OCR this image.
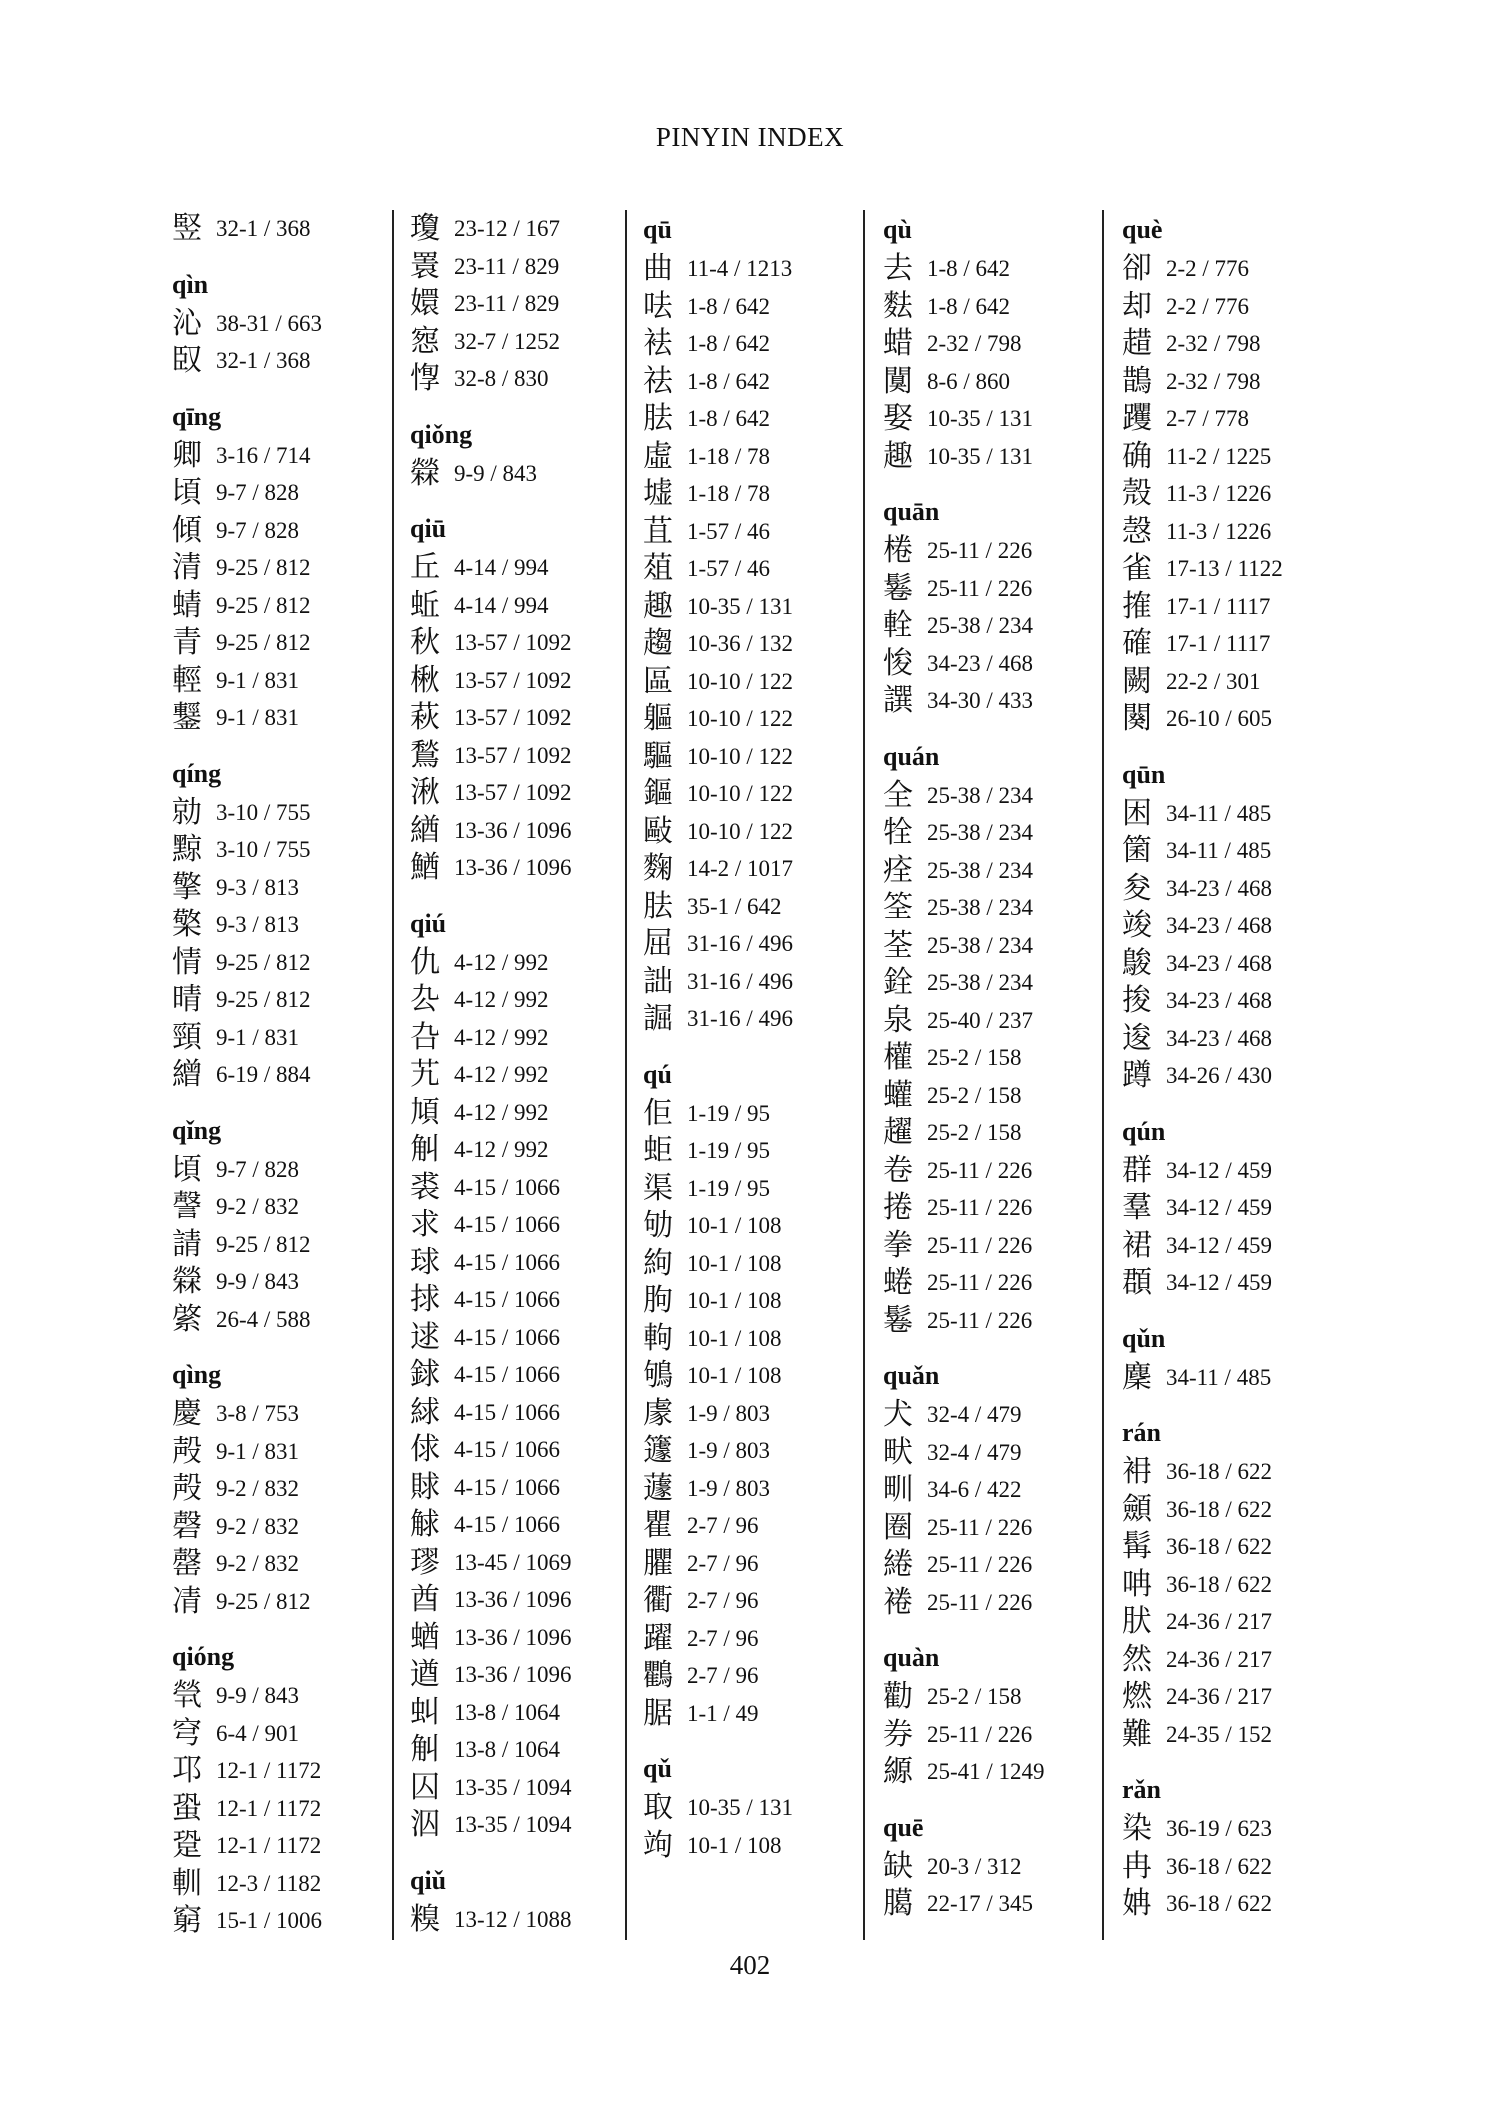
PINYIN INDEX
竪 32-1 / 368
qìn
沁 38-31 / 663
臤 32-1 / 368
qīng
卿 3-16 / 714
頃 9-7 / 828
傾 9-7 / 828
清 9-25 / 812
蜻 9-25 / 812
青 9-25 / 812
輕 9-1 / 831
鑋 9-1 / 831
qíng
勍 3-10 / 755
黥 3-10 / 755
擎 9-3 / 813
檠 9-3 / 813
情 9-25 / 812
晴 9-25 / 812
頸 9-1 / 831
繒 6-19 / 884
qǐng
頃 9-7 / 828
謦 9-2 / 832
請 9-25 / 812
檾 9-9 / 843
綮 26-4 / 588
qìng
慶 3-8 / 753
殸 9-1 / 831
殸 9-2 / 832
磬 9-2 / 832
罄 9-2 / 832
凊 9-25 / 812
qióng
煢 9-9 / 843
穹 6-4 / 901
邛 12-1 / 1172
蛩 12-1 / 1172
跫 12-1 / 1172
䡅 12-3 / 1182
窮 15-1 / 1006
瓊 23-12 / 167
瞏 23-11 / 829
嬛 23-11 / 829
惌 32-7 / 1252
惸 32-8 / 830
qiǒng
檾 9-9 / 843
qiū
丘 4-14 / 994
蚯 4-14 / 994
秋 13-57 / 1092
楸 13-57 / 1092
萩 13-57 / 1092
鶖 13-57 / 1092
湫 13-57 / 1092
緧 13-36 / 1096
鰌 13-36 / 1096
qiú
仇 4-12 / 992
厹 4-12 / 992
叴 4-12 / 992
艽 4-12 / 992
頄 4-12 / 992
觓 4-12 / 992
裘 4-15 / 1066
求 4-15 / 1066
球 4-15 / 1066
捄 4-15 / 1066
逑 4-15 / 1066
銶 4-15 / 1066
絿 4-15 / 1066
俅 4-15 / 1066
賕 4-15 / 1066
觩 4-15 / 1066
璆 13-45 / 1069
酋 13-36 / 1096
蝤 13-36 / 1096
遒 13-36 / 1096
虯 13-8 / 1064
觓 13-8 / 1064
囚 13-35 / 1094
泅 13-35 / 1094
qiǔ
糗 13-12 / 1088
qū
曲 11-4 / 1213
呿 1-8 / 642
袪 1-8 / 642
祛 1-8 / 642
胠 1-8 / 642
虛 1-18 / 78
墟 1-18 / 78
苴 1-57 / 46
葅 1-57 / 46
趣 10-35 / 131
趨 10-36 / 132
區 10-10 / 122
軀 10-10 / 122
驅 10-10 / 122
鏂 10-10 / 122
敺 10-10 / 122
麴 14-2 / 1017
胠 35-1 / 642
屈 31-16 / 496
詘 31-16 / 496
誳 31-16 / 496
qú
佢 1-19 / 95
蚷 1-19 / 95
渠 1-19 / 95
劬 10-1 / 108
絇 10-1 / 108
朐 10-1 / 108
軥 10-1 / 108
鴝 10-1 / 108
豦 1-9 / 803
籧 1-9 / 803
蘧 1-9 / 803
瞿 2-7 / 96
臞 2-7 / 96
衢 2-7 / 96
躍 2-7 / 96
鸜 2-7 / 96
腒 1-1 / 49
qǔ
取 10-35 / 131
竘 10-1 / 108
qù
去 1-8 / 642
麮 1-8 / 642
蜡 2-32 / 798
闃 8-6 / 860
娶 10-35 / 131
趣 10-35 / 131
quān
棬 25-11 / 226
鬈 25-11 / 226
輇 25-38 / 234
悛 34-23 / 468
譔 34-30 / 433
quán
全 25-38 / 234
牷 25-38 / 234
痊 25-38 / 234
筌 25-38 / 234
荃 25-38 / 234
銓 25-38 / 234
泉 25-40 / 237
權 25-2 / 158
蠸 25-2 / 158
趯 25-2 / 158
卷 25-11 / 226
捲 25-11 / 226
拳 25-11 / 226
蜷 25-11 / 226
鬈 25-11 / 226
quǎn
犬 32-4 / 479
畎 32-4 / 479
甽 34-6 / 422
圈 25-11 / 226
綣 25-11 / 226
裷 25-11 / 226
quàn
勸 25-2 / 158
券 25-11 / 226
縓 25-41 / 1249
quē
缺 20-3 / 312
臈 22-17 / 345
què
卻 2-2 / 776
却 2-2 / 776
趞 2-32 / 798
鵲 2-32 / 798
躩 2-7 / 778
确 11-2 / 1225
殼 11-3 / 1226
愨 11-3 / 1226
雀 17-13 / 1122
搉 17-1 / 1117
確 17-1 / 1117
闕 22-2 / 301
闋 26-10 / 605
qūn
困 34-11 / 485
箘 34-11 / 485
夋 34-23 / 468
竣 34-23 / 468
鵔 34-23 / 468
捘 34-23 / 468
逡 34-23 / 468
蹲 34-26 / 430
qún
群 34-12 / 459
羣 34-12 / 459
裙 34-12 / 459
頵 34-12 / 459
qǔn
麇 34-11 / 485
rán
衻 36-18 / 622
顩 36-18 / 622
髯 36-18 / 622
呥 36-18 / 622
肰 24-36 / 217
然 24-36 / 217
燃 24-36 / 217
難 24-35 / 152
rǎn
染 36-19 / 623
冉 36-18 / 622
姌 36-18 / 622
402
